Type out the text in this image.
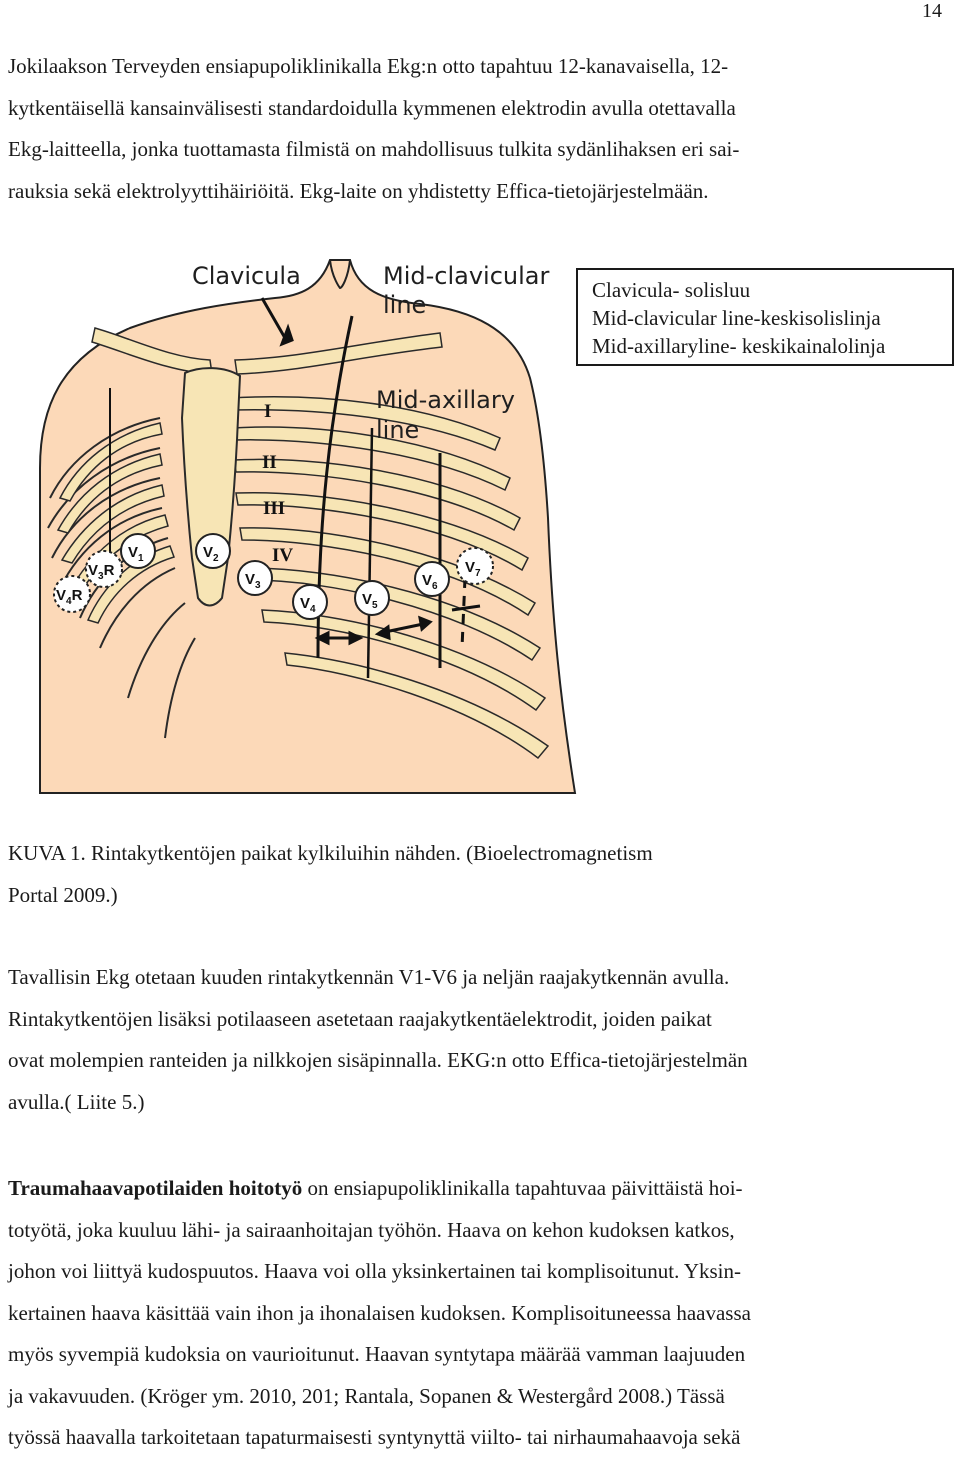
14

Jokilaakson Terveyden ensiapupoliklinikalla Ekg:n otto tapahtuu 12-kanavaisella, 12-

kytkentäisellä kansainvälisesti standardoidulla kymmenen elektrodin avulla otettavalla

Ekg-laitteella, jonka tuottamasta filmistä on mahdollisuus tulkita sydänlihaksen eri sai-

rauksia sekä elektrolyyttihäiriöitä. Ekg-laite on yhdistetty Effica-tietojärjestelmään.

Clavicula	Mid-clavicular
line
Mid-axillary
line
I
II
III
IV
$V_4R$
$V_3R$
$V_1$	$V_2$
$V_3$
$V_4$
$V_5$
$V_6$
$V_7$
Clavicula- solisluu
Mid-clavicular line-keskisolislinja
Mid-axillaryline- keskikainalolinja
KUVA 1. Rintakytkentöjen paikat kylkiluihin nähden. (Bioelectromagnetism
Portal 2009.)

Tavallisin Ekg otetaan kuuden rintakytkennän V1-V6 ja neljän raajakytkennän avulla.

Rintakytkentöjen lisäksi potilaaseen asetetaan raajakytkentäelektrodit, joiden paikat

ovat molempien ranteiden ja nilkkojen sisäpinnalla. EKG:n otto Effica-tietojärjestelmän

avulla.( Liite 5.)

Traumahaavapotilaiden hoitotyö on ensiapupoliklinikalla tapahtuvaa päivittäistä hoi-

totyötä, joka kuuluu lähi- ja sairaanhoitajan työhön. Haava on kehon kudoksen katkos,

johon voi liittyä kudospuutos. Haava voi olla yksinkertainen tai komplisoitunut. Yksin-

kertainen haava käsittää vain ihon ja ihonalaisen kudoksen. Komplisoituneessa haavassa

myös syvempiä kudoksia on vaurioitunut. Haavan syntytapa määrää vamman laajuuden

ja vakavuuden. (Kröger ym. 2010, 201; Rantala, Sopanen & Westergård 2008.) Tässä

työssä haavalla tarkoitetaan tapaturmaisesti syntynyttä viilto- tai nirhaumahaavoja sekä
